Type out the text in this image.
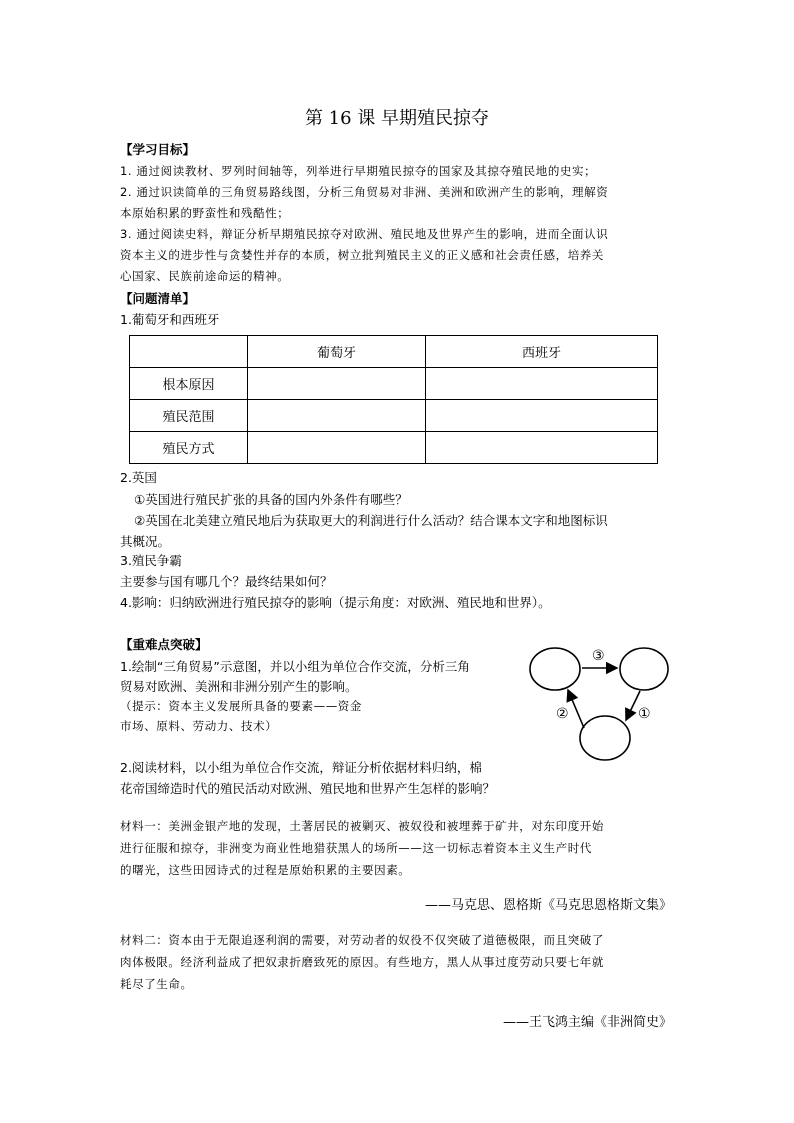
第 16 课 早期殖民掠夺
【学习目标】
1. 通过阅读教材、罗列时间轴等，列举进行早期殖民掠夺的国家及其掠夺殖民地的史实；
2. 通过识读简单的三角贸易路线图，分析三角贸易对非洲、美洲和欧洲产生的影响，理解资
本原始积累的野蛮性和残酷性；
3. 通过阅读史料，辩证分析早期殖民掠夺对欧洲、殖民地及世界产生的影响，进而全面认识
资本主义的进步性与贪婪性并存的本质，树立批判殖民主义的正义感和社会责任感，培养关
心国家、民族前途命运的精神。
【问题清单】
1.葡萄牙和西班牙
	葡萄牙	西班牙
根本原因		
殖民范围		
殖民方式		
2.英国
①英国进行殖民扩张的具备的国内外条件有哪些？
②英国在北美建立殖民地后为获取更大的利润进行什么活动？结合课本文字和地图标识
其概况。
3.殖民争霸
主要参与国有哪几个？最终结果如何？
4.影响：归纳欧洲进行殖民掠夺的影响（提示角度：对欧洲、殖民地和世界）。
【重难点突破】
1.绘制“三角贸易”示意图，并以小组为单位合作交流，分析三角
贸易对欧洲、美洲和非洲分别产生的影响。
（提示：资本主义发展所具备的要素——资金
市场、原料、劳动力、技术）
2.阅读材料，以小组为单位合作交流，辩证分析依据材料归纳，棉
花帝国缔造时代的殖民活动对欧洲、殖民地和世界产生怎样的影响？
③
①
②
材料一：美洲金银产地的发现，土著居民的被剿灭、被奴役和被埋葬于矿井，对东印度开始
进行征服和掠夺，非洲变为商业性地猎获黑人的场所——这一切标志着资本主义生产时代
的曙光，这些田园诗式的过程是原始积累的主要因素。
——马克思、恩格斯《马克思恩格斯文集》
材料二：资本由于无限追逐利润的需要，对劳动者的奴役不仅突破了道德极限，而且突破了
肉体极限。经济利益成了把奴隶折磨致死的原因。有些地方，黑人从事过度劳动只要七年就
耗尽了生命。
——王飞鸿主编《非洲简史》
